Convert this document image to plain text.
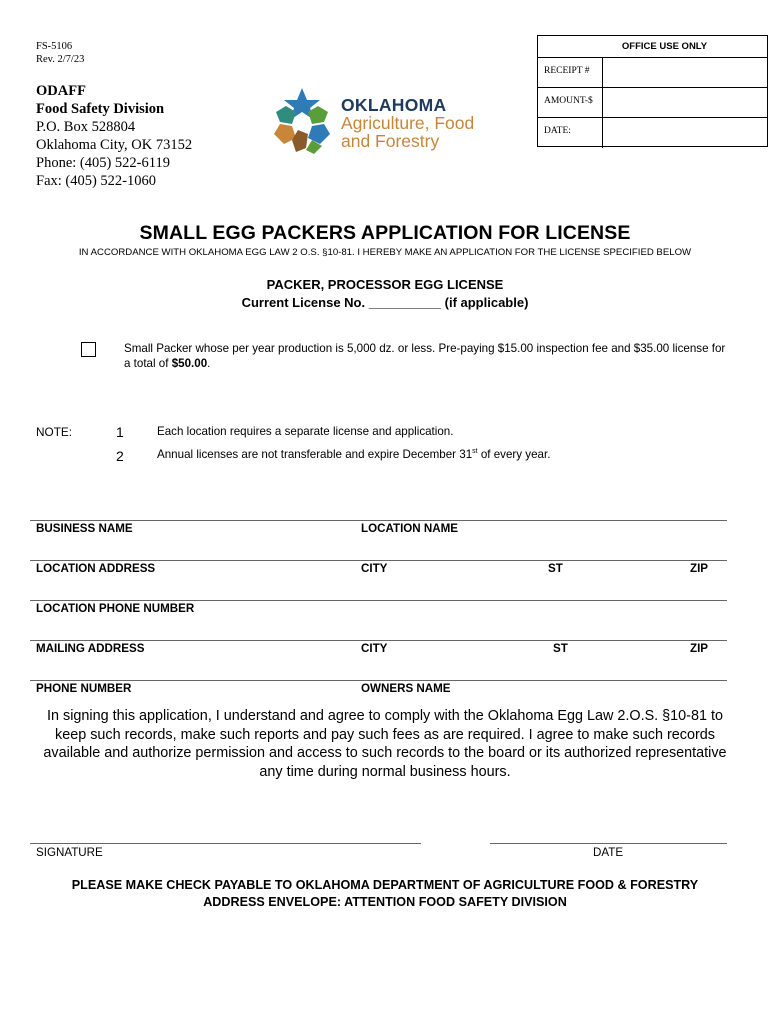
FS-5106
Rev. 2/7/23
ODAFF
Food Safety Division
P.O. Box 528804
Oklahoma City, OK 73152
Phone: (405) 522-6119
Fax: (405) 522-1060
OKLAHOMA
Agriculture, Food
and Forestry
OFFICE USE ONLY
RECEIPT #
AMOUNT-$
DATE:
SMALL EGG PACKERS APPLICATION FOR LICENSE
IN ACCORDANCE WITH OKLAHOMA EGG LAW 2 O.S. §10-81. I HEREBY MAKE AN APPLICATION FOR THE LICENSE SPECIFIED BELOW
PACKER, PROCESSOR EGG LICENSE
Current License No. __________ (if applicable)
Small Packer whose per year production is 5,000 dz. or less. Pre-paying $15.00 inspection fee and $35.00 license for a total of $50.00.
NOTE:	1	Each location requires a separate license and application.
2	Annual licenses are not transferable and expire December 31st of every year.
BUSINESS NAME	LOCATION NAME
LOCATION ADDRESS	CITY	ST	ZIP
LOCATION PHONE NUMBER
MAILING ADDRESS	CITY	ST	ZIP
PHONE NUMBER	OWNERS NAME
In signing this application, I understand and agree to comply with the Oklahoma Egg Law 2.O.S. §10-81 to keep such records, make such reports and pay such fees as are required. I agree to make such records available and authorize permission and access to such records to the board or its authorized representative any time during normal business hours.
SIGNATURE	DATE
PLEASE MAKE CHECK PAYABLE TO OKLAHOMA DEPARTMENT OF AGRICULTURE FOOD & FORESTRY
ADDRESS ENVELOPE: ATTENTION FOOD SAFETY DIVISION
